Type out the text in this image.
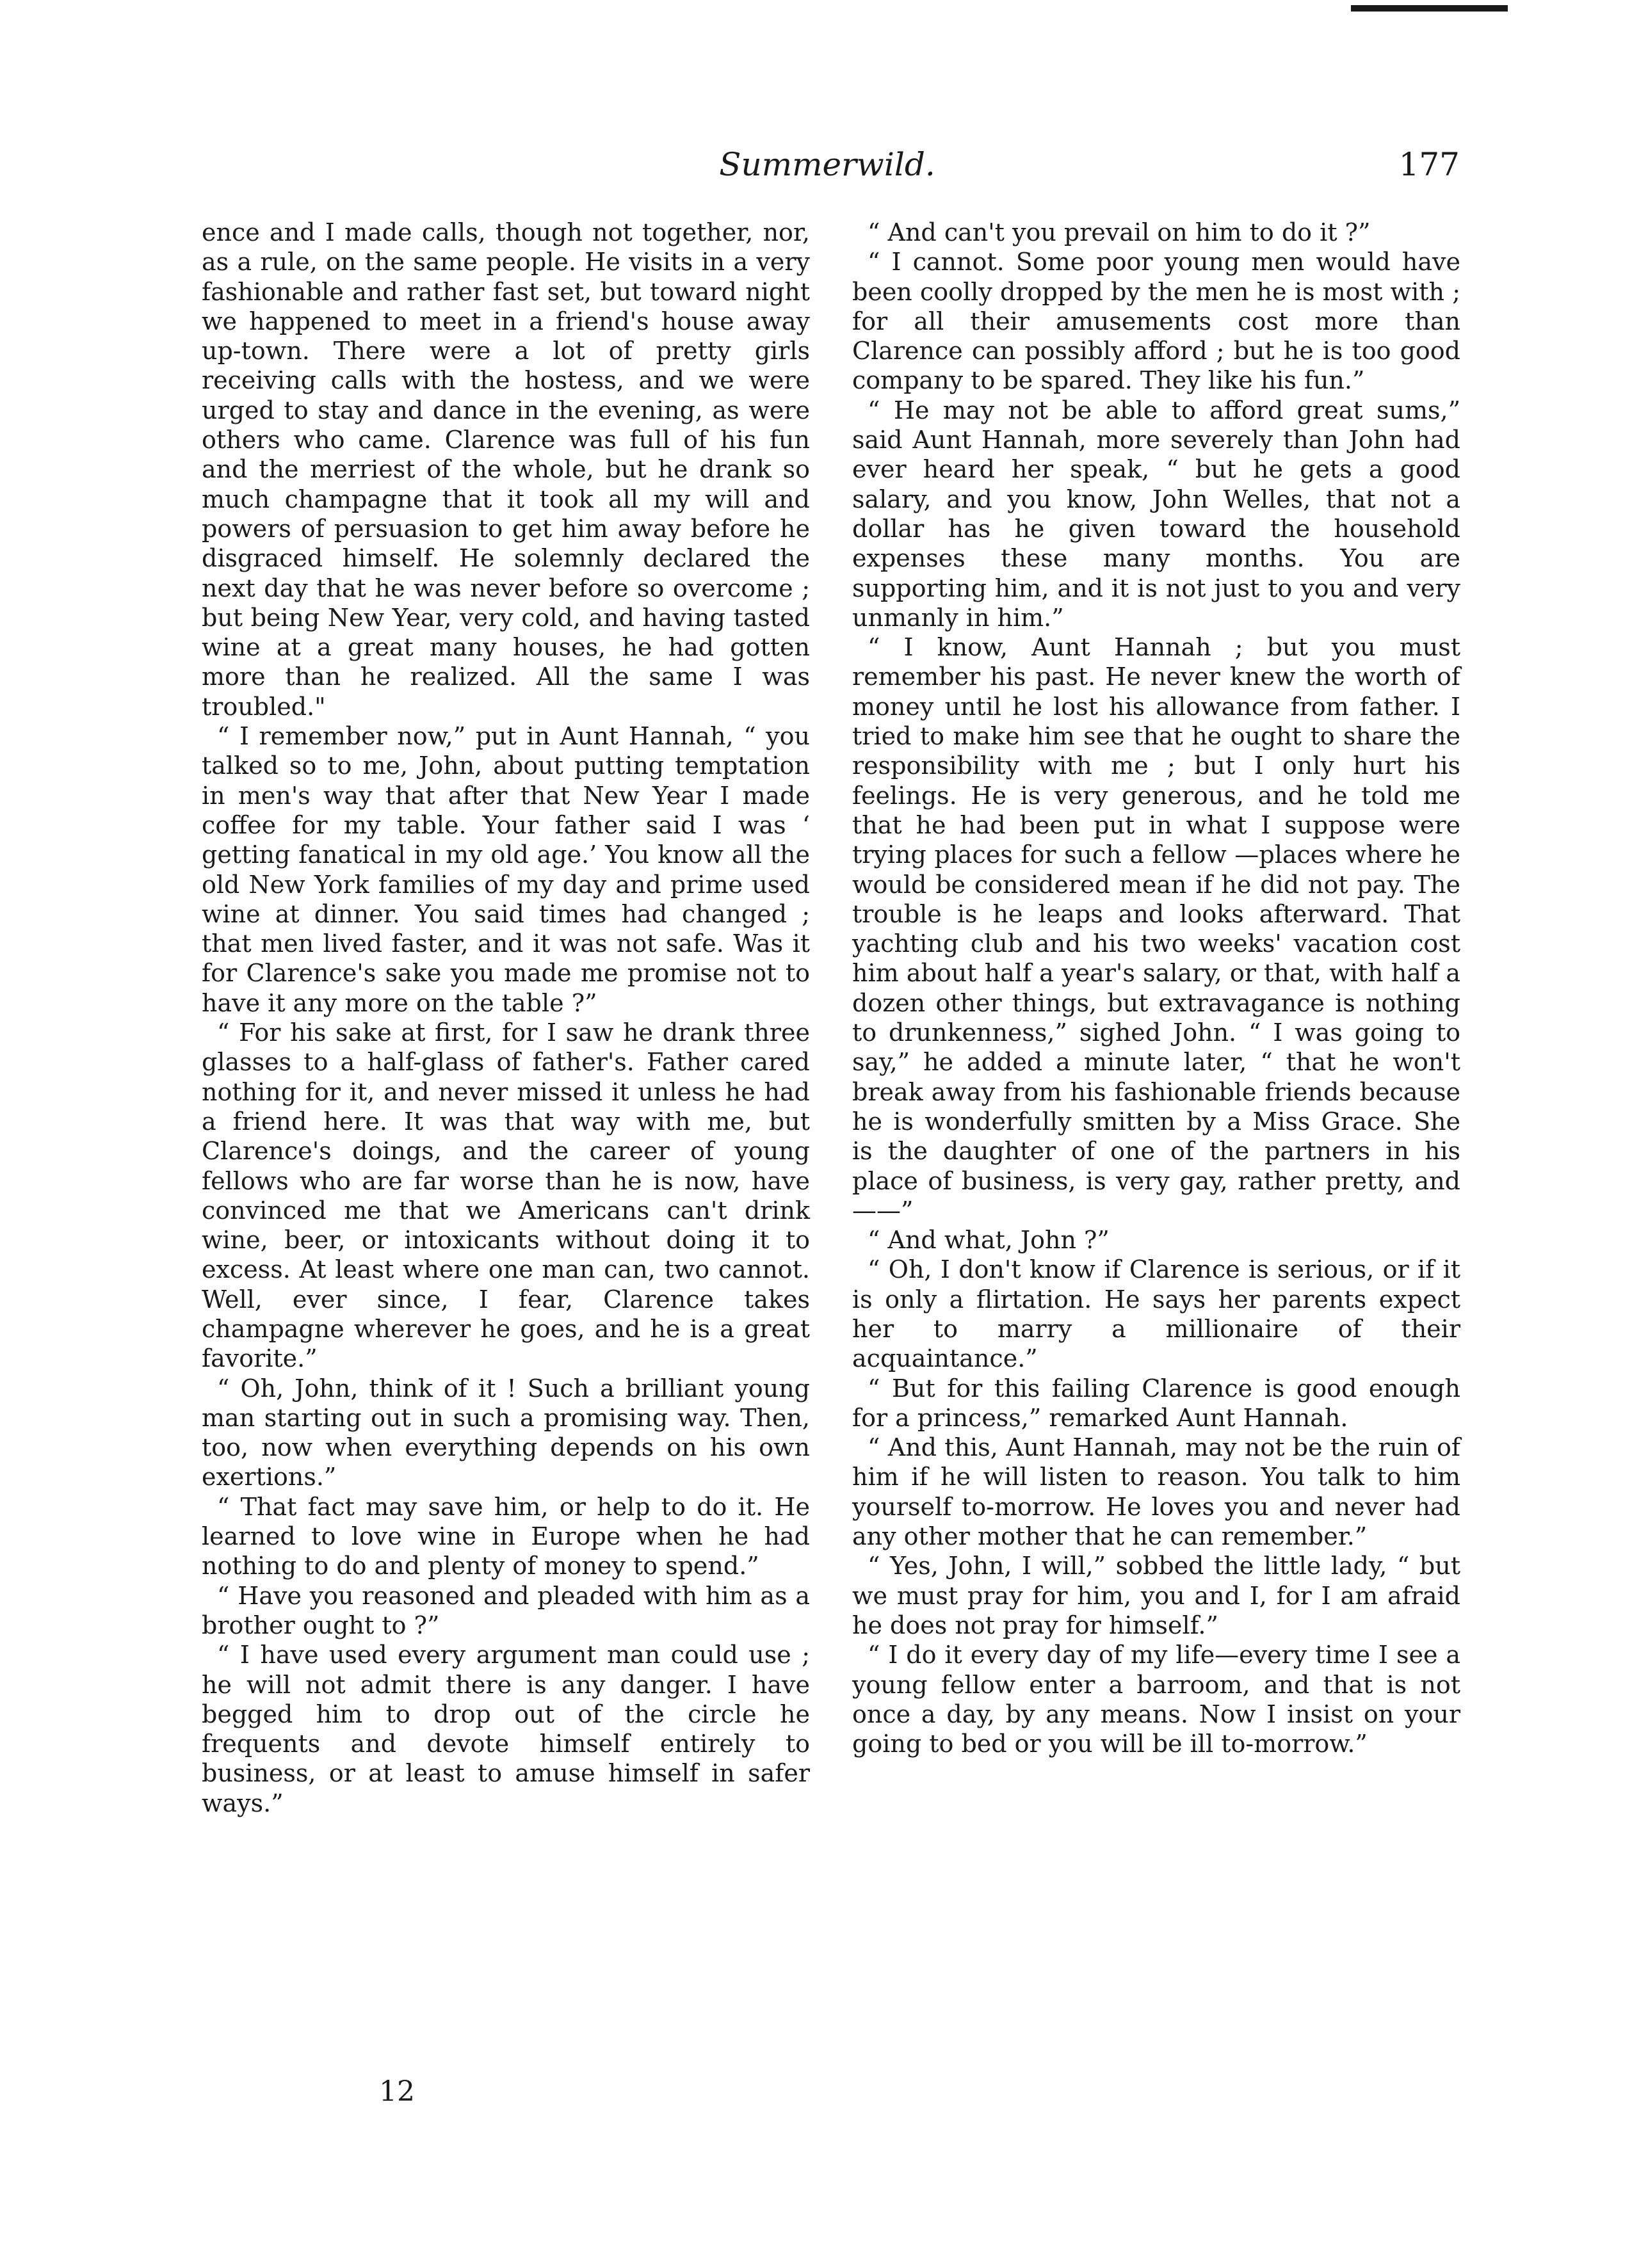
Summerwild.	177

ence and I made calls, though not together, nor, as a rule, on the same people. He visits in a very fashionable and rather fast set, but toward night we happened to meet in a friend's house away up-town. There were a lot of pretty girls receiving calls with the hostess, and we were urged to stay and dance in the evening, as were others who came. Clarence was full of his fun and the merriest of the whole, but he drank so much champagne that it took all my will and powers of persuasion to get him away before he disgraced himself. He solemnly declared the next day that he was never before so overcome ; but being New Year, very cold, and having tasted wine at a great many houses, he had gotten more than he realized. All the same I was troubled."

“ I remember now,” put in Aunt Hannah, “ you talked so to me, John, about putting temptation in men's way that after that New Year I made coffee for my table. Your father said I was ‘ getting fanatical in my old age.’ You know all the old New York families of my day and prime used wine at dinner. You said times had changed ; that men lived faster, and it was not safe. Was it for Clarence's sake you made me promise not to have it any more on the table ?”

“ For his sake at first, for I saw he drank three glasses to a half-glass of father's. Father cared nothing for it, and never missed it unless he had a friend here. It was that way with me, but Clarence's doings, and the career of young fellows who are far worse than he is now, have convinced me that we Americans can't drink wine, beer, or intoxicants without doing it to excess. At least where one man can, two cannot. Well, ever since, I fear, Clarence takes champagne wherever he goes, and he is a great favorite.”

“ Oh, John, think of it ! Such a brilliant young man starting out in such a promising way. Then, too, now when everything depends on his own exertions.”

“ That fact may save him, or help to do it. He learned to love wine in Europe when he had nothing to do and plenty of money to spend.”

“ Have you reasoned and pleaded with him as a brother ought to ?”

“ I have used every argument man could use ; he will not admit there is any danger. I have begged him to drop out of the circle he frequents and devote himself entirely to business, or at least to amuse himself in safer ways.”

“ And can't you prevail on him to do it ?”

“ I cannot. Some poor young men would have been coolly dropped by the men he is most with ; for all their amusements cost more than Clarence can possibly afford ; but he is too good company to be spared. They like his fun.”

“ He may not be able to afford great sums,” said Aunt Hannah, more severely than John had ever heard her speak, “ but he gets a good salary, and you know, John Welles, that not a dollar has he given toward the household expenses these many months. You are supporting him, and it is not just to you and very unmanly in him.”

“ I know, Aunt Hannah ; but you must remember his past. He never knew the worth of money until he lost his allowance from father. I tried to make him see that he ought to share the responsibility with me ; but I only hurt his feelings. He is very generous, and he told me that he had been put in what I suppose were trying places for such a fellow —places where he would be considered mean if he did not pay. The trouble is he leaps and looks afterward. That yachting club and his two weeks' vacation cost him about half a year's salary, or that, with half a dozen other things, but extravagance is nothing to drunkenness,” sighed John. “ I was going to say,” he added a minute later, “ that he won't break away from his fashionable friends because he is wonderfully smitten by a Miss Grace. She is the daughter of one of the partners in his place of business, is very gay, rather pretty, and——”

“ And what, John ?”

“ Oh, I don't know if Clarence is serious, or if it is only a flirtation. He says her parents expect her to marry a millionaire of their acquaintance.”

“ But for this failing Clarence is good enough for a princess,” remarked Aunt Hannah.

“ And this, Aunt Hannah, may not be the ruin of him if he will listen to reason. You talk to him yourself to-morrow. He loves you and never had any other mother that he can remember.”

“ Yes, John, I will,” sobbed the little lady, “ but we must pray for him, you and I, for I am afraid he does not pray for himself.”

“ I do it every day of my life—every time I see a young fellow enter a barroom, and that is not once a day, by any means. Now I insist on your going to bed or you will be ill to-morrow.”

12
